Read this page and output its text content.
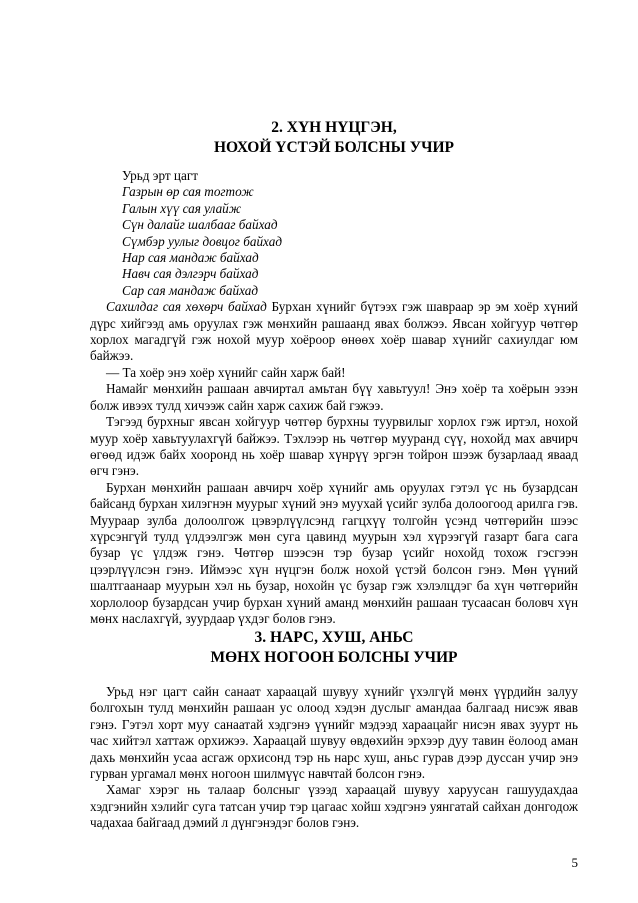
2. ХҮН НҮЦГЭН,
НОХОЙ ҮСТЭЙ БОЛСНЫ УЧИР

Урьд эрт цагт

Газрын өр сая тогтож

Галын хүү сая улайж

Сүн далайг шалбааг байхад

Сүмбэр уулыг довцог байхад

Нар сая мандаж байхад

Навч сая дэлгэрч байхад

Сар сая мандаж байхад

Сахилдаг сая хөхөрч байхад Бурхан хүнийг бүтээх гэж шавраар эр эм хоёр хүний дүрс хийгээд амь оруулах гэж мөнхийн рашаанд явах болжээ. Явсан хойгуур чөтгөр хорлох магадгүй гэж нохой муур хоёроор өнөөх хоёр шавар хүнийг сахиулдаг юм байжээ.

— Та хоёр энэ хоёр хүнийг сайн харж бай!

Намайг мөнхийн рашаан авчиртал амьтан бүү хавьтуул! Энэ хоёр та хоёрын эзэн болж ивээх тулд хичээж сайн харж сахиж бай гэжээ.

Тэгээд бурхныг явсан хойгуур чөтгөр бурхны туурвилыг хорлох гэж иртэл, нохой муур хоёр хавьтуулахгүй байжээ. Тэхлээр нь чөтгөр мууранд сүү, нохойд мах авчирч өгөөд идэж байх хооронд нь хоёр шавар хүнрүү эргэн тойрон шээж бузарлаад яваад өгч гэнэ.

Бурхан мөнхийн рашаан авчирч хоёр хүнийг амь оруулах гэтэл үс нь бузардсан байсанд бурхан хилэгнэн муурыг хүний энэ муухай үсийг зулба долоогоод арилга гэв. Муураар зулба долоолгож цэвэрлүүлсэнд гагцхүү толгойн үсэнд чөтгөрийн шээс хүрсэнгүй тулд үлдээлгэж мөн суга цавинд муурын хэл хүрээгүй газарт бага сага бузар үс үлдэж гэнэ. Чөтгөр шээсэн тэр бузар үсийг нохойд тохож гэсгээн цээрлүүлсэн гэнэ. Иймээс хүн нүцгэн болж нохой үстэй болсон гэнэ. Мөн үүний шалтгаанаар муурын хэл нь бузар, нохойн үс бузар гэж хэлэлцдэг ба хүн чөтгөрийн хорлолоор бузардсан учир бурхан хүний аманд мөнхийн рашаан тусаасан боловч хүн мөнх наслахгүй, зуурдаар үхдэг болов гэнэ.

3. НАРС, ХУШ, АНЬС
МӨНХ НОГООН БОЛСНЫ УЧИР

Урьд нэг цагт сайн санаат хараацай шувуу хүнийг үхэлгүй мөнх үүрдийн залуу болгохын тулд мөнхийн рашаан ус олоод хэдэн дуслыг амандаа балгаад нисэж явав гэнэ. Гэтэл хорт муу санаатай хэдгэнэ үүнийг мэдээд хараацайг нисэн явах зуурт нь час хийтэл хаттаж орхижээ. Хараацай шувуу өвдөхийн эрхээр дуу тавин ёолоод аман дахь мөнхийн усаа асгаж орхисонд тэр нь нарс хуш, аньс гурав дээр дуссан учир энэ гурван ургамал мөнх ногоон шилмүүс навчтай болсон гэнэ.

Хамаг хэрэг нь талаар болсныг үзээд хараацай шувуу харуусан гашуудахдаа хэдгэнийн хэлийг суга татсан учир тэр цагаас хойш хэдгэнэ уянгатай сайхан донгодож чадахаа байгаад дэмий л дүнгэнэдэг болов гэнэ.

5
